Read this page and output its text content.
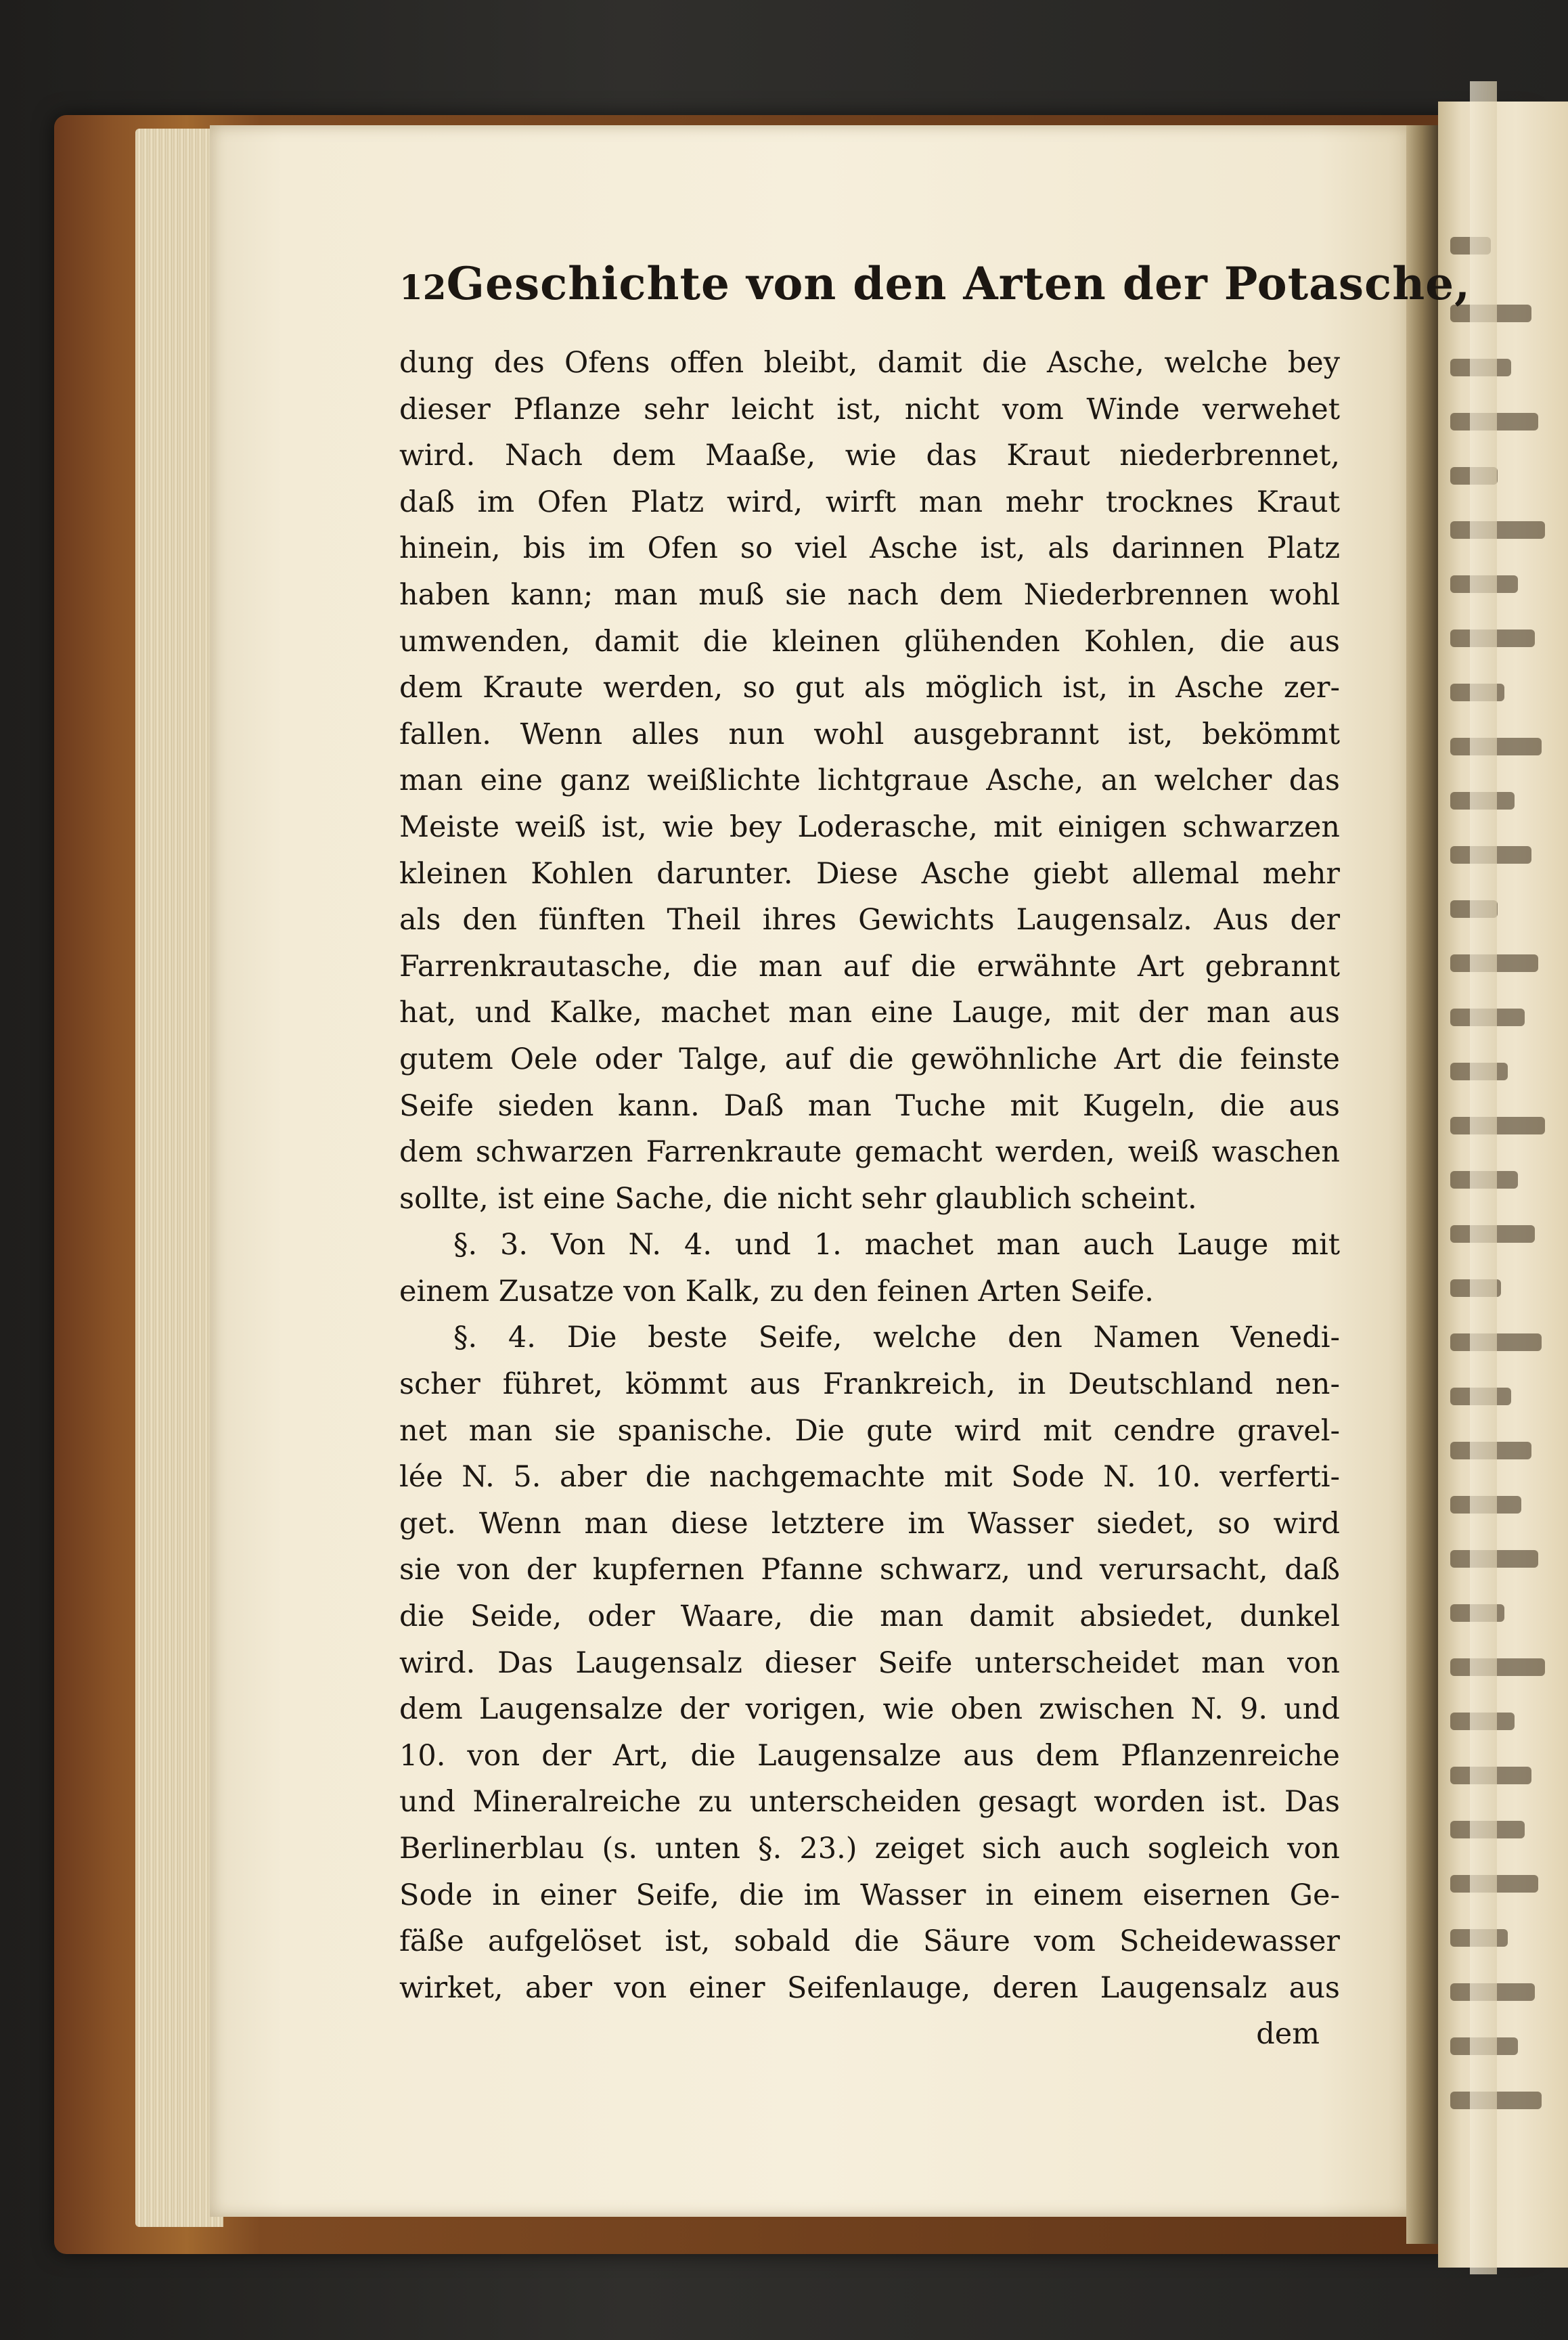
12 Geschichte von den Arten der Potasche,
dung des Ofens offen bleibt, damit die Asche, welche bey
dieser Pflanze sehr leicht ist, nicht vom Winde verwehet
wird. Nach dem Maaße, wie das Kraut niederbrennet,
daß im Ofen Platz wird, wirft man mehr trocknes Kraut
hinein, bis im Ofen so viel Asche ist, als darinnen Platz
haben kann; man muß sie nach dem Niederbrennen wohl
umwenden, damit die kleinen glühenden Kohlen, die aus
dem Kraute werden, so gut als möglich ist, in Asche zer-
fallen. Wenn alles nun wohl ausgebrannt ist, bekömmt
man eine ganz weißlichte lichtgraue Asche, an welcher das
Meiste weiß ist, wie bey Loderasche, mit einigen schwarzen
kleinen Kohlen darunter. Diese Asche giebt allemal mehr
als den fünften Theil ihres Gewichts Laugensalz. Aus der
Farrenkrautasche, die man auf die erwähnte Art gebrannt
hat, und Kalke, machet man eine Lauge, mit der man aus
gutem Oele oder Talge, auf die gewöhnliche Art die feinste
Seife sieden kann. Daß man Tuche mit Kugeln, die aus
dem schwarzen Farrenkraute gemacht werden, weiß waschen
sollte, ist eine Sache, die nicht sehr glaublich scheint.
§. 3. Von N. 4. und 1. machet man auch Lauge mit
einem Zusatze von Kalk, zu den feinen Arten Seife.
§. 4. Die beste Seife, welche den Namen Venedi-
scher führet, kömmt aus Frankreich, in Deutschland nen-
net man sie spanische. Die gute wird mit cendre gravel-
lée N. 5. aber die nachgemachte mit Sode N. 10. verferti-
get. Wenn man diese letztere im Wasser siedet, so wird
sie von der kupfernen Pfanne schwarz, und verursacht, daß
die Seide, oder Waare, die man damit absiedet, dunkel
wird. Das Laugensalz dieser Seife unterscheidet man von
dem Laugensalze der vorigen, wie oben zwischen N. 9. und
10. von der Art, die Laugensalze aus dem Pflanzenreiche
und Mineralreiche zu unterscheiden gesagt worden ist. Das
Berlinerblau (s. unten §. 23.) zeiget sich auch sogleich von
Sode in einer Seife, die im Wasser in einem eisernen Ge-
fäße aufgelöset ist, sobald die Säure vom Scheidewasser
wirket, aber von einer Seifenlauge, deren Laugensalz aus
dem
